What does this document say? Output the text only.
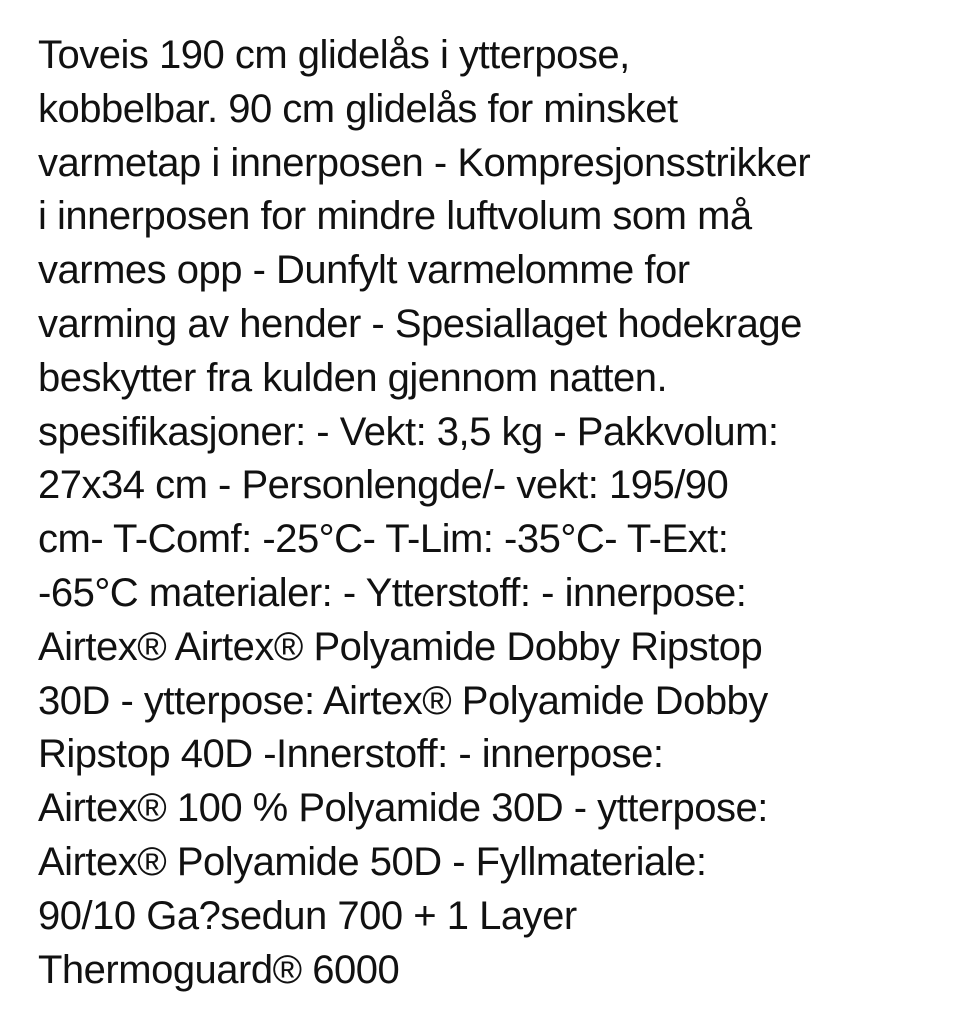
Toveis 190 cm glidelås i ytterpose,
kobbelbar. 90 cm glidelås for minsket
varmetap i innerposen - Kompresjonsstrikker
i innerposen for mindre luftvolum som må
varmes opp - Dunfylt varmelomme for
varming av hender - Spesiallaget hodekrage
beskytter fra kulden gjennom natten.
spesifikasjoner: - Vekt: 3,5 kg - Pakkvolum:
27x34 cm - Personlengde/- vekt: 195/90
cm- T-Comf: -25°C- T-Lim: -35°C- T-Ext:
-65°C materialer: - Ytterstoff: - innerpose:
Airtex® Airtex® Polyamide Dobby Ripstop
30D - ytterpose: Airtex® Polyamide Dobby
Ripstop 40D -Innerstoff: - innerpose:
Airtex® 100 % Polyamide 30D - ytterpose:
Airtex® Polyamide 50D - Fyllmateriale:
90/10 Ga?sedun 700 + 1 Layer
Thermoguard® 6000
